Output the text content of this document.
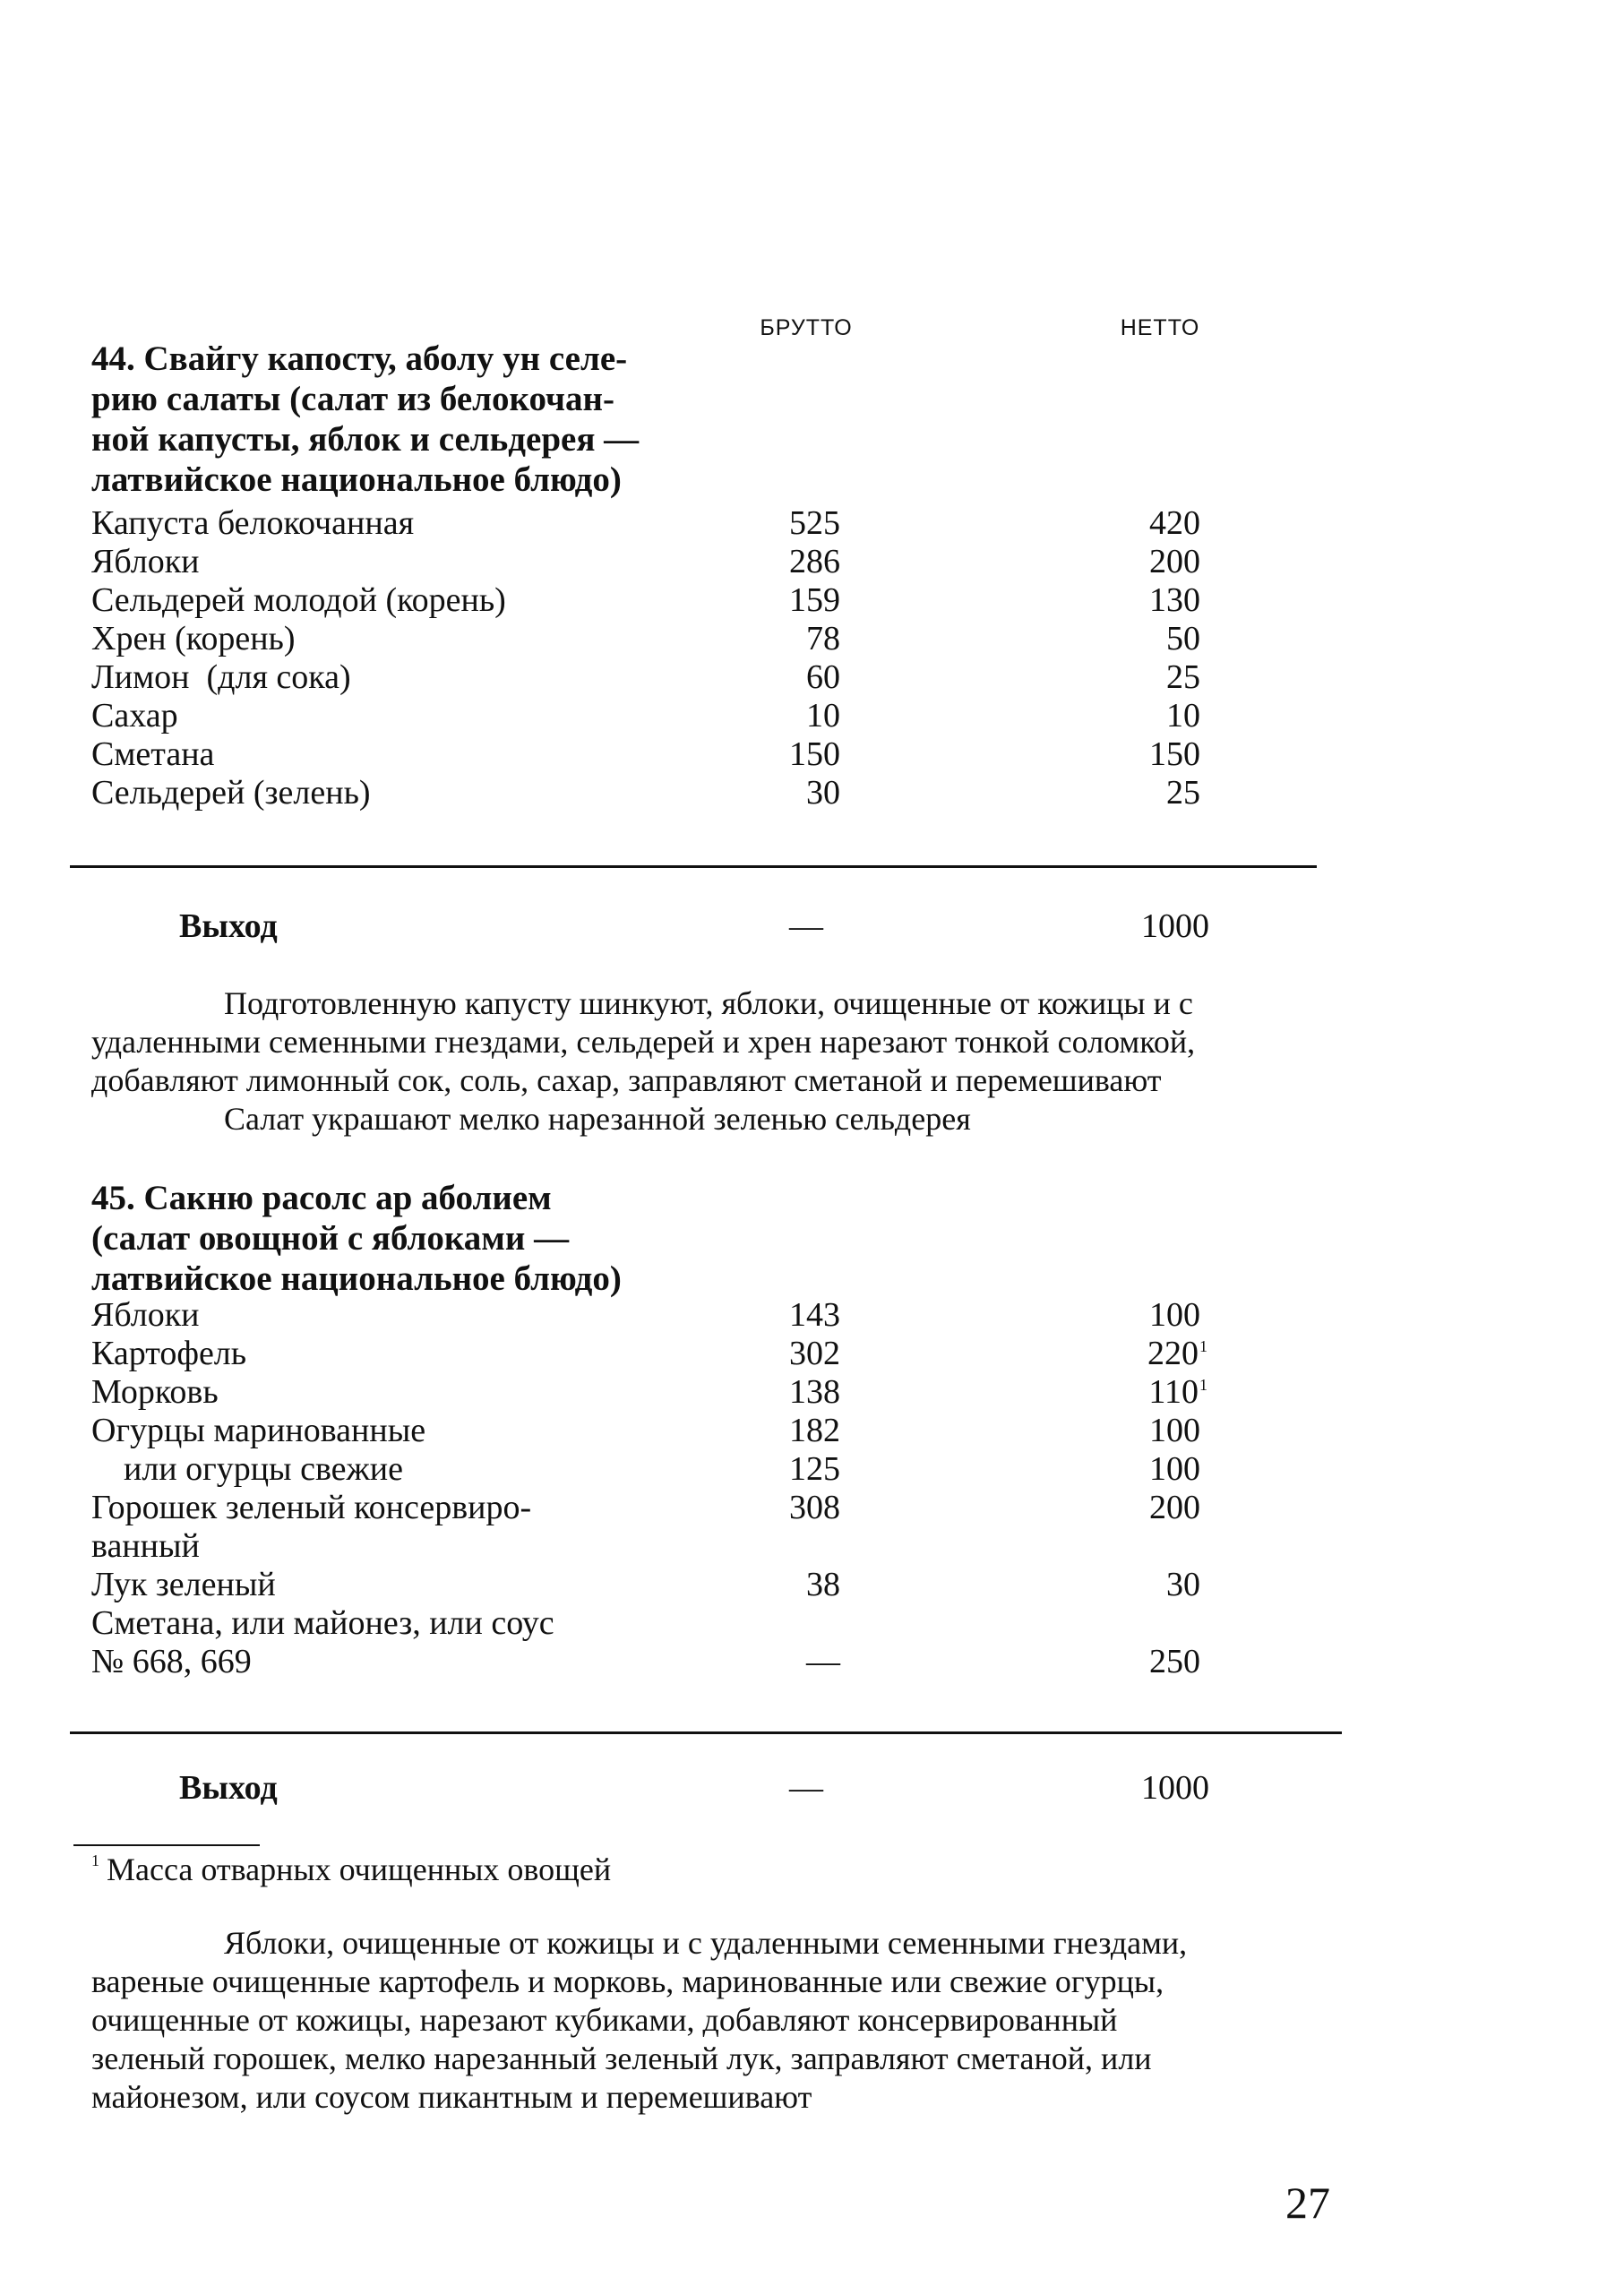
БРУТТО	НЕТТО
44. Свайгу капосту, аболу ун селе-
рию салаты (салат из белокочан-
ной капусты, яблок и сельдерея —
латвийское национальное блюдо)
Капуста белокочанная	525	420
Яблоки	286	200
Сельдерей молодой (корень)	159	130
Хрен (корень)	78	50
Лимон  (для сока)	60	25
Сахар	10	10
Сметана	150	150
Сельдерей (зелень)	30	25
Выход	—	1000
Подготовленную капусту шинкуют, яблоки, очищенные от кожицы и с
удаленными семенными гнездами, сельдерей и хрен нарезают тонкой соломкой,
добавляют лимонный сок, соль, сахар, заправляют сметаной и перемешивают
Салат украшают мелко нарезанной зеленью сельдерея
45. Сакню расолс ар аболием
(салат овощной с яблоками —
латвийское национальное блюдо)
Яблоки	143	100
Картофель	302	$220^1$
Морковь	138	$110^1$
Огурцы маринованные	182	100
или огурцы свежие	125	100
Горошек зеленый консервиро-	308	200
ванный
Лук зеленый	38	30
Сметана, или майонез, или соус
№ 668, 669	—	250
Выход	—	1000
$^1$ Масса отварных очищенных овощей
Яблоки, очищенные от кожицы и с удаленными семенными гнездами,
вареные очищенные картофель и морковь, маринованные или свежие огурцы,
очищенные от кожицы, нарезают кубиками, добавляют консервированный
зеленый горошек, мелко нарезанный зеленый лук, заправляют сметаной, или
майонезом, или соусом пикантным и перемешивают
27
